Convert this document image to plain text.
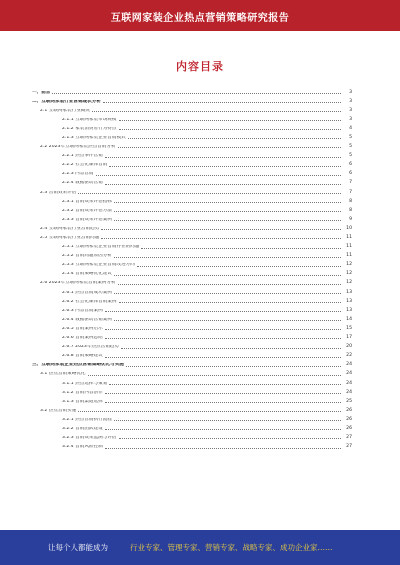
互联网家装企业热点营销策略研究报告
内容目录
一、前言	3
二、互联网家装行业营销现状分析	3
2.1 互联网家装行业概况	3
2.1.1 互联网家装市场规模	3
2.1.2 家装消费者行为特点	4
2.1.3 互联网家装企业营销模式	5
2.2 2023年互联网家装热点营销分析	5
2.2.1 热点事件营销	5
2.2.2 社会化媒体营销	6
2.2.3 内容营销	6
2.2.4 数据驱动营销	7
2.3 营销效果评估	7
2.3.1 营销效果评估指标	8
2.3.2 营销效果评估方法	8
2.3.3 营销效果评估案例	9
2.4 互联网家装行业营销趋势	10
2.5 互联网家装行业营销问题	11
2.5.1 互联网家装企业营销存在的问题	11
2.5.2 营销问题原因分析	11
2.5.3 互联网家装企业营销改进方向	12
2.5.4 营销策略优化建议	12
2.6 2023年互联网家装营销案例分析	12
2.6.1 热点营销成功案例	13
2.6.2 社会化媒体营销案例	13
2.6.3 内容营销案例	13
2.6.4 数据驱动营销案例	14
2.6.5 营销案例启示	15
2.6.6 营销案例总结	17
2.6.7 2023年热点营销趋势	20
2.6.8 营销策略建议	22
三、互联网家装企业热点营销策略优化与实施	24
3.1 热点营销策略优化	24
3.1.1 热点选择与策划	24
3.1.2 营销内容创作	24
3.1.3 营销渠道选择	25
3.2 热点营销实施	26
3.2.1 热点营销执行流程	26
3.2.2 营销团队建设	26
3.2.3 营销效果监测与评估	27
3.2.4 营销风险控制	27
让每个人都能成为	行业专家、管理专家、营销专家、战略专家、成功企业家……
